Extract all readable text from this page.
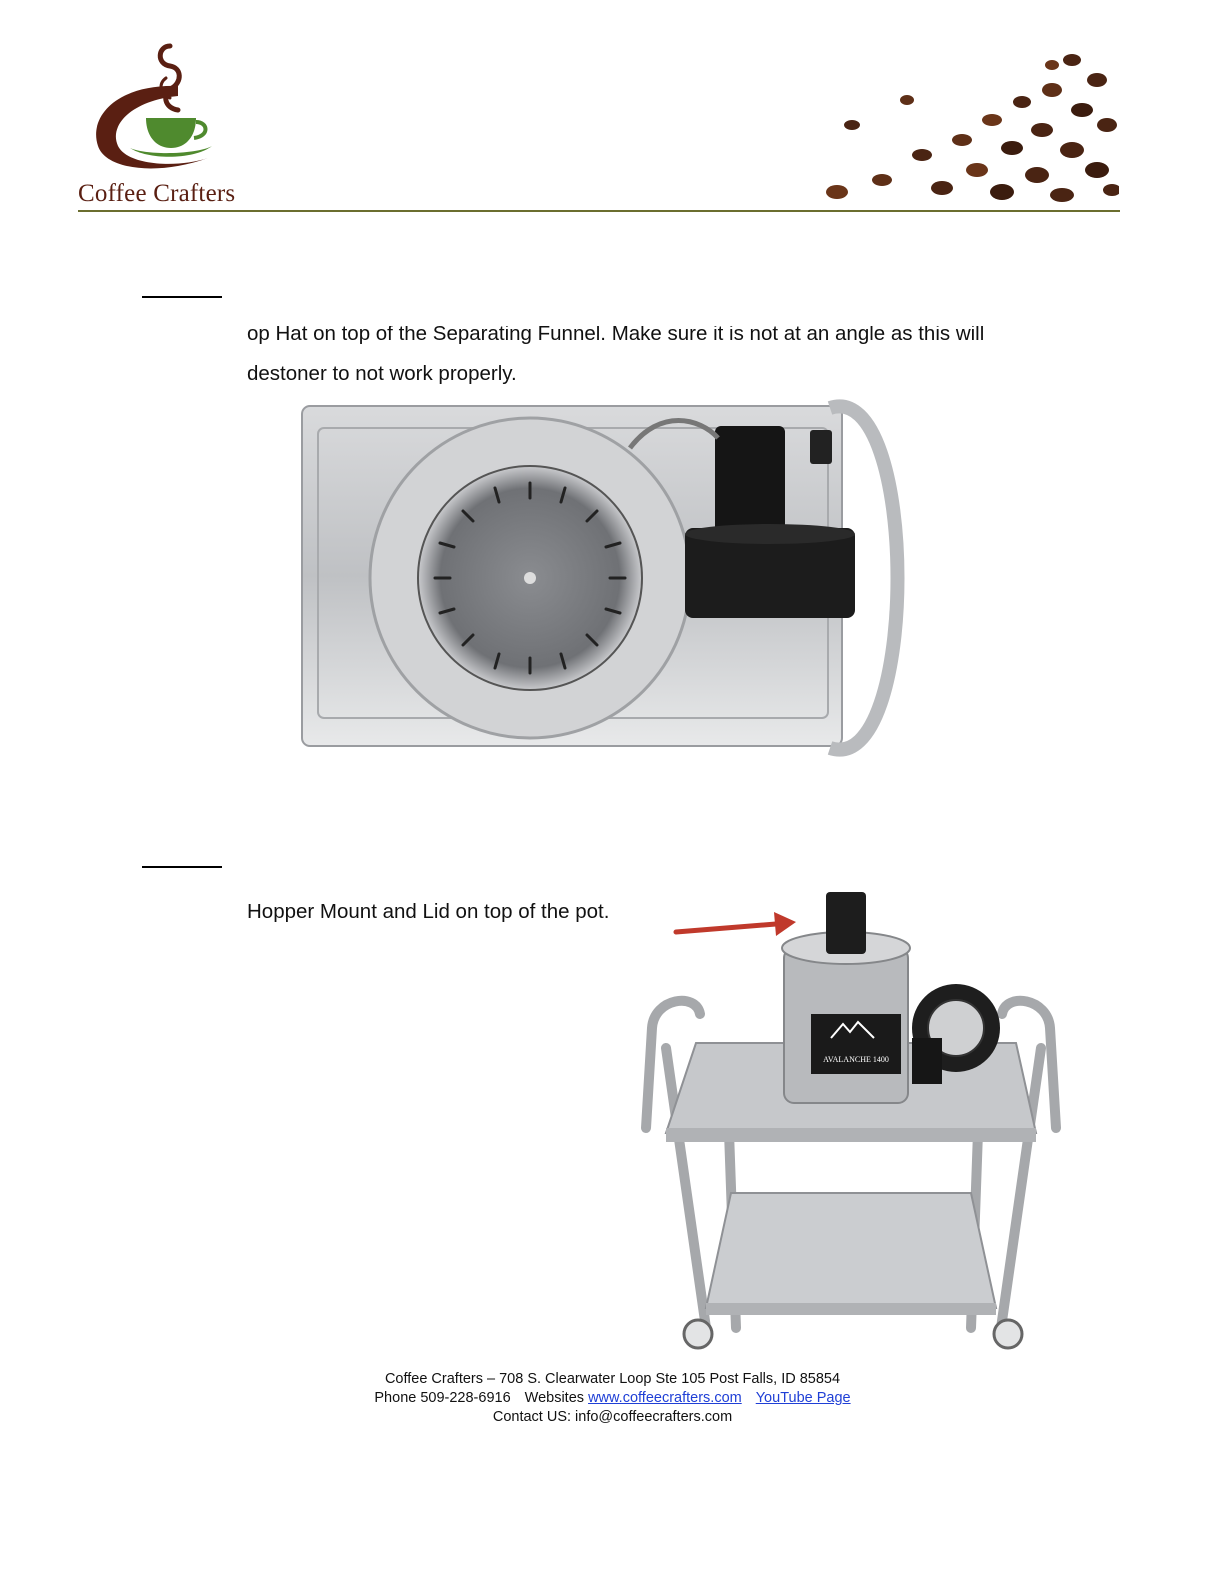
Coffee Crafters
op Hat on top of the Separating Funnel. Make sure it is not at an angle as this will
destoner to not work properly.
Hopper Mount and Lid on top of the pot.
AVALANCHE 1400
Coffee Crafters – 708 S. Clearwater Loop Ste 105 Post Falls, ID 85854
Phone 509-228-6916 Websites www.coffeecrafters.com YouTube Page
Contact US: info@coffeecrafters.com
